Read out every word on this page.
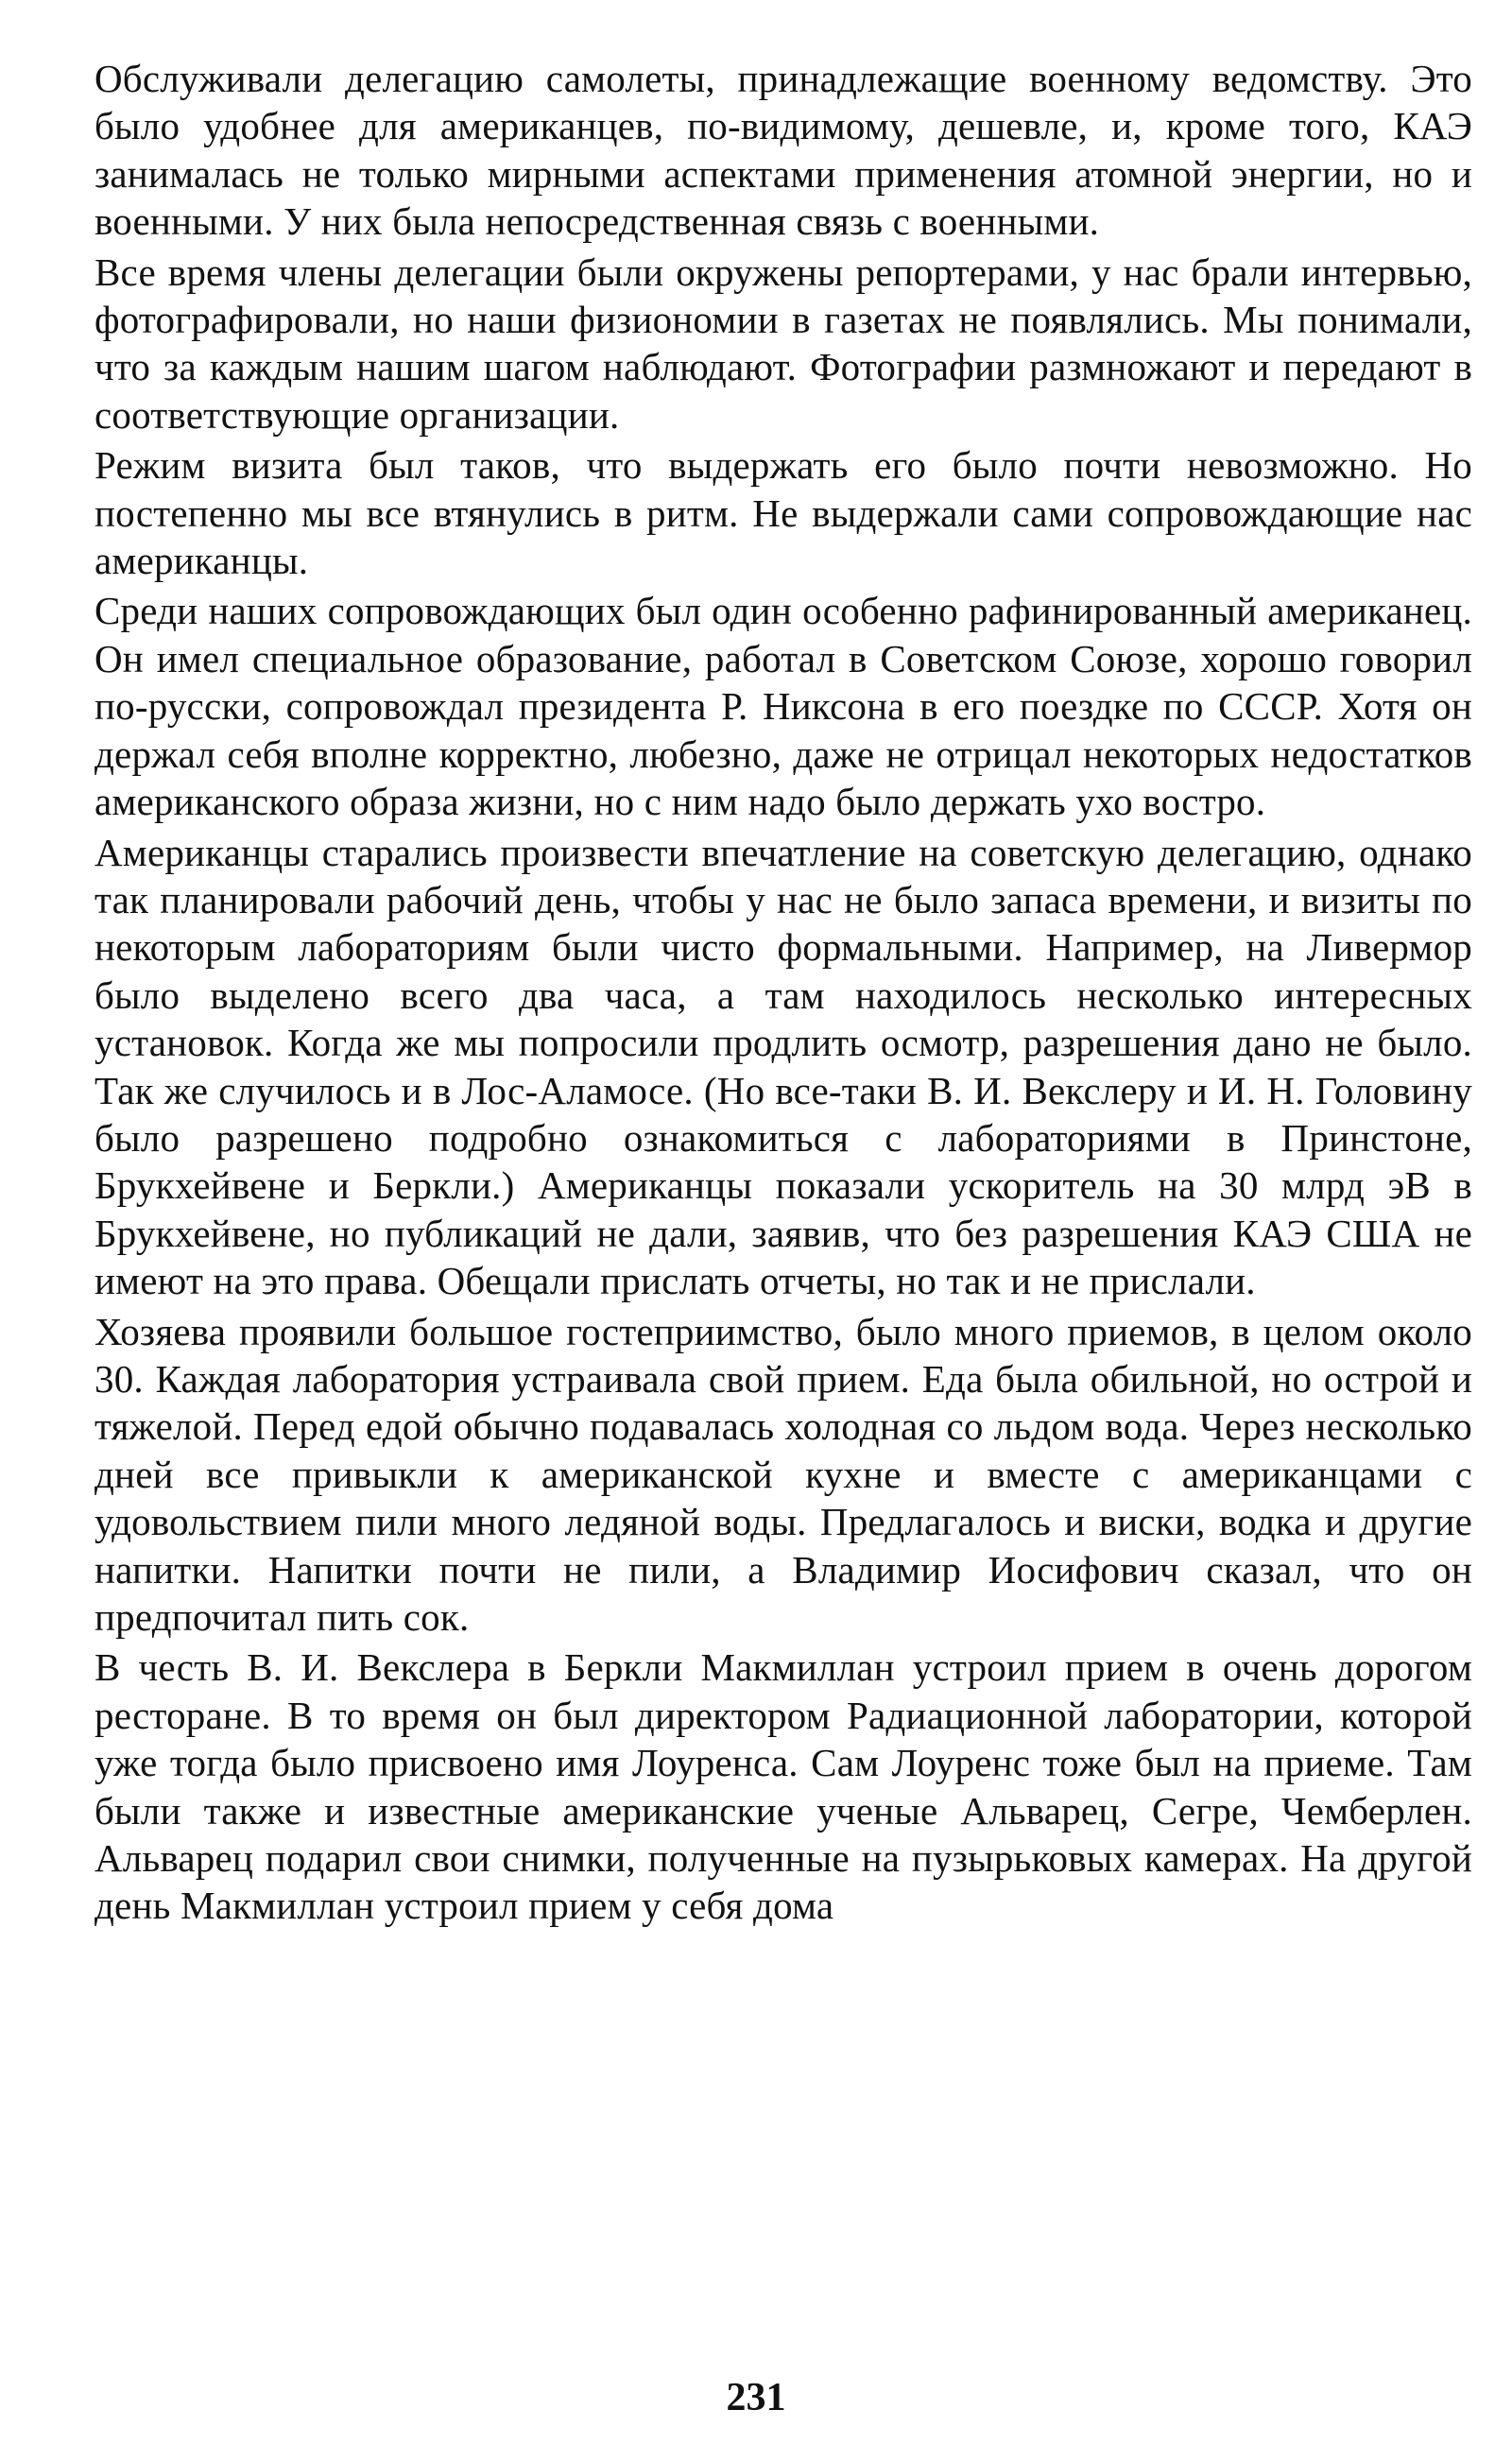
Обслуживали делегацию самолеты, принадлежащие военному ведомству. Это было удобнее для американцев, по-видимому, дешевле, и, кроме того, КАЭ занималась не только мирными аспектами применения атомной энергии, но и военными. У них была непосредственная связь с военными.

Все время члены делегации были окружены репортерами, у нас брали интервью, фотографировали, но наши физиономии в газетах не появлялись. Мы понимали, что за каждым нашим шагом наблюдают. Фотографии размножают и передают в соответствующие организации.

Режим визита был таков, что выдержать его было почти невозможно. Но постепенно мы все втянулись в ритм. Не выдержали сами сопровождающие нас американцы.

Среди наших сопровождающих был один особенно рафинированный американец. Он имел специальное образование, работал в Советском Союзе, хорошо говорил по-русски, сопровождал президента Р. Никсона в его поездке по СССР. Хотя он держал себя вполне корректно, любезно, даже не отрицал некоторых недостатков американского образа жизни, но с ним надо было держать ухо востро.

Американцы старались произвести впечатление на советскую делегацию, однако так планировали рабочий день, чтобы у нас не было запаса времени, и визиты по некоторым лабораториям были чисто формальными. Например, на Ливермор было выделено всего два часа, а там находилось несколько интересных установок. Когда же мы попросили продлить осмотр, разрешения дано не было. Так же случилось и в Лос-Аламосе. (Но все-таки В. И. Векслеру и И. Н. Головину было разрешено подробно ознакомиться с лабораториями в Принстоне, Брукхейвене и Беркли.) Американцы показали ускоритель на 30 млрд эВ в Брукхейвене, но публикаций не дали, заявив, что без разрешения КАЭ США не имеют на это права. Обещали прислать отчеты, но так и не прислали.

Хозяева проявили большое гостеприимство, было много приемов, в целом около 30. Каждая лаборатория устраивала свой прием. Еда была обильной, но острой и тяжелой. Перед едой обычно подавалась холодная со льдом вода. Через несколько дней все привыкли к американской кухне и вместе с американцами с удовольствием пили много ледяной воды. Предлагалось и виски, водка и другие напитки. Напитки почти не пили, а Владимир Иосифович сказал, что он предпочитал пить сок.

В честь В. И. Векслера в Беркли Макмиллан устроил прием в очень дорогом ресторане. В то время он был директором Радиационной лаборатории, которой уже тогда было присвоено имя Лоуренса. Сам Лоуренс тоже был на приеме. Там были также и известные американские ученые Альварец, Сегре, Чемберлен. Альварец подарил свои снимки, полученные на пузырьковых камерах. На другой день Макмиллан устроил прием у себя дома

231
